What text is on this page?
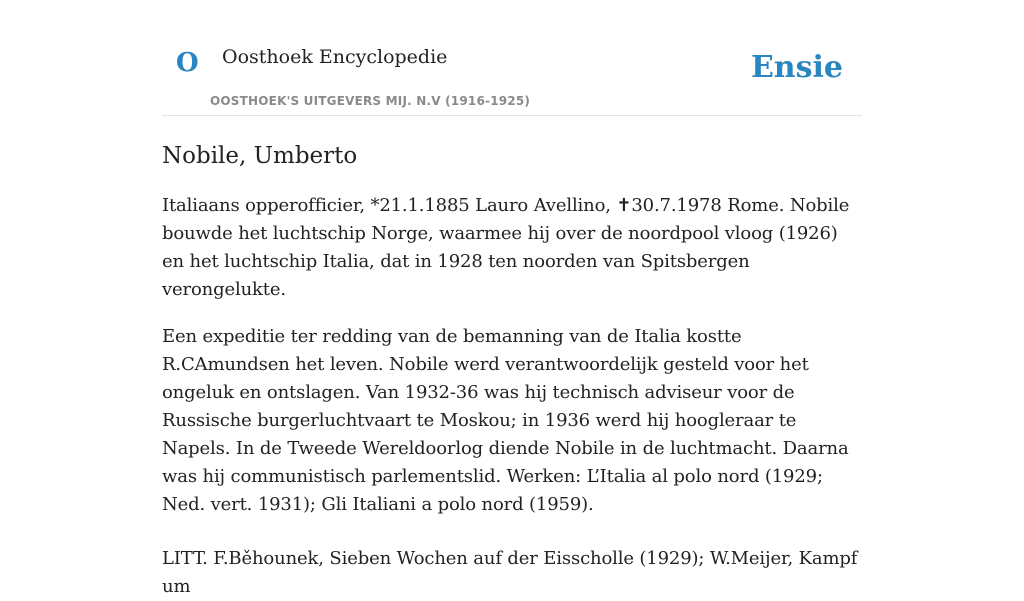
O Oosthoek Encyclopedie
OOSTHOEK'S UITGEVERS MIJ. N.V (1916-1925)
Ensie
Nobile, Umberto

Italiaans opperofficier, *21.1.1885 Lauro Avellino, ✝30.7.1978 Rome. Nobile bouwde het luchtschip Norge, waarmee hij over de noordpool vloog (1926) en het luchtschip Italia, dat in 1928 ten noorden van Spitsbergen verongelukte.

Een expeditie ter redding van de bemanning van de Italia kostte R.CAmundsen het leven. Nobile werd verantwoordelijk gesteld voor het ongeluk en ontslagen. Van 1932-36 was hij technisch adviseur voor de Russische burgerluchtvaart te Moskou; in 1936 werd hij hoogleraar te Napels. In de Tweede Wereldoorlog diende Nobile in de luchtmacht. Daarna was hij communistisch parlementslid. Werken: L’Italia al polo nord (1929; Ned. vert. 1931); Gli Italiani a polo nord (1959).

LITT. F.Běhounek, Sieben Wochen auf der Eisscholle (1929); W.Meijer, Kampf um
